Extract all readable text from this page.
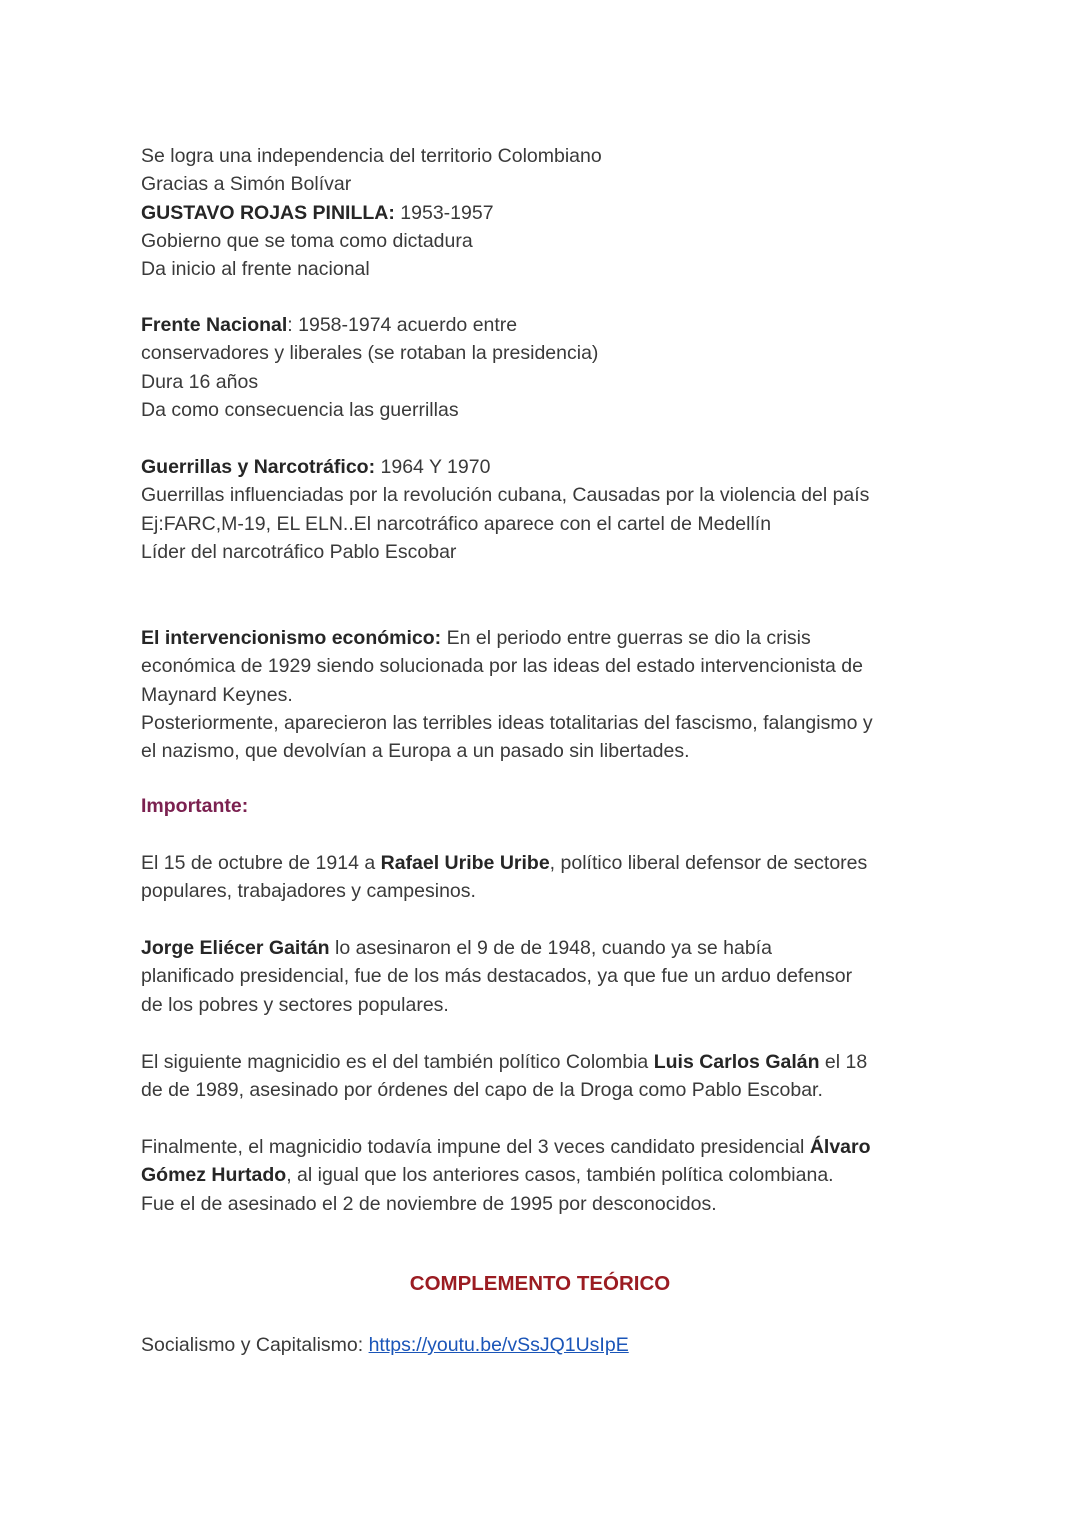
Se logra una independencia del territorio Colombiano
Gracias a Simón Bolívar
GUSTAVO ROJAS PINILLA: 1953-1957
Gobierno que se toma como dictadura
Da inicio al frente nacional
Frente Nacional: 1958-1974 acuerdo entre
conservadores y liberales (se rotaban la presidencia)
Dura 16 años
Da como consecuencia las guerrillas
Guerrillas y Narcotráfico: 1964 Y 1970
Guerrillas influenciadas por la revolución cubana, Causadas por la violencia del país
Ej:FARC,M-19, EL ELN..El narcotráfico aparece con el cartel de Medellín
Líder del narcotráfico Pablo Escobar
El intervencionismo económico: En el periodo entre guerras se dio la crisis
económica de 1929 siendo solucionada por las ideas del estado intervencionista de
Maynard Keynes.
Posteriormente, aparecieron las terribles ideas totalitarias del fascismo, falangismo y
el nazismo, que devolvían a Europa a un pasado sin libertades.
Importante:
El 15 de octubre de 1914 a Rafael Uribe Uribe, político liberal defensor de sectores
populares, trabajadores y campesinos.
Jorge Eliécer Gaitán lo asesinaron el 9 de de 1948, cuando ya se había
planificado presidencial, fue de los más destacados, ya que fue un arduo defensor
de los pobres y sectores populares.
El siguiente magnicidio es el del también político Colombia Luis Carlos Galán el 18
de de 1989, asesinado por órdenes del capo de la Droga como Pablo Escobar.
Finalmente, el magnicidio todavía impune del 3 veces candidato presidencial Álvaro
Gómez Hurtado, al igual que los anteriores casos, también política colombiana.
Fue el de asesinado el 2 de noviembre de 1995 por desconocidos.
COMPLEMENTO TEÓRICO
Socialismo y Capitalismo: https://youtu.be/vSsJQ1UsIpE
